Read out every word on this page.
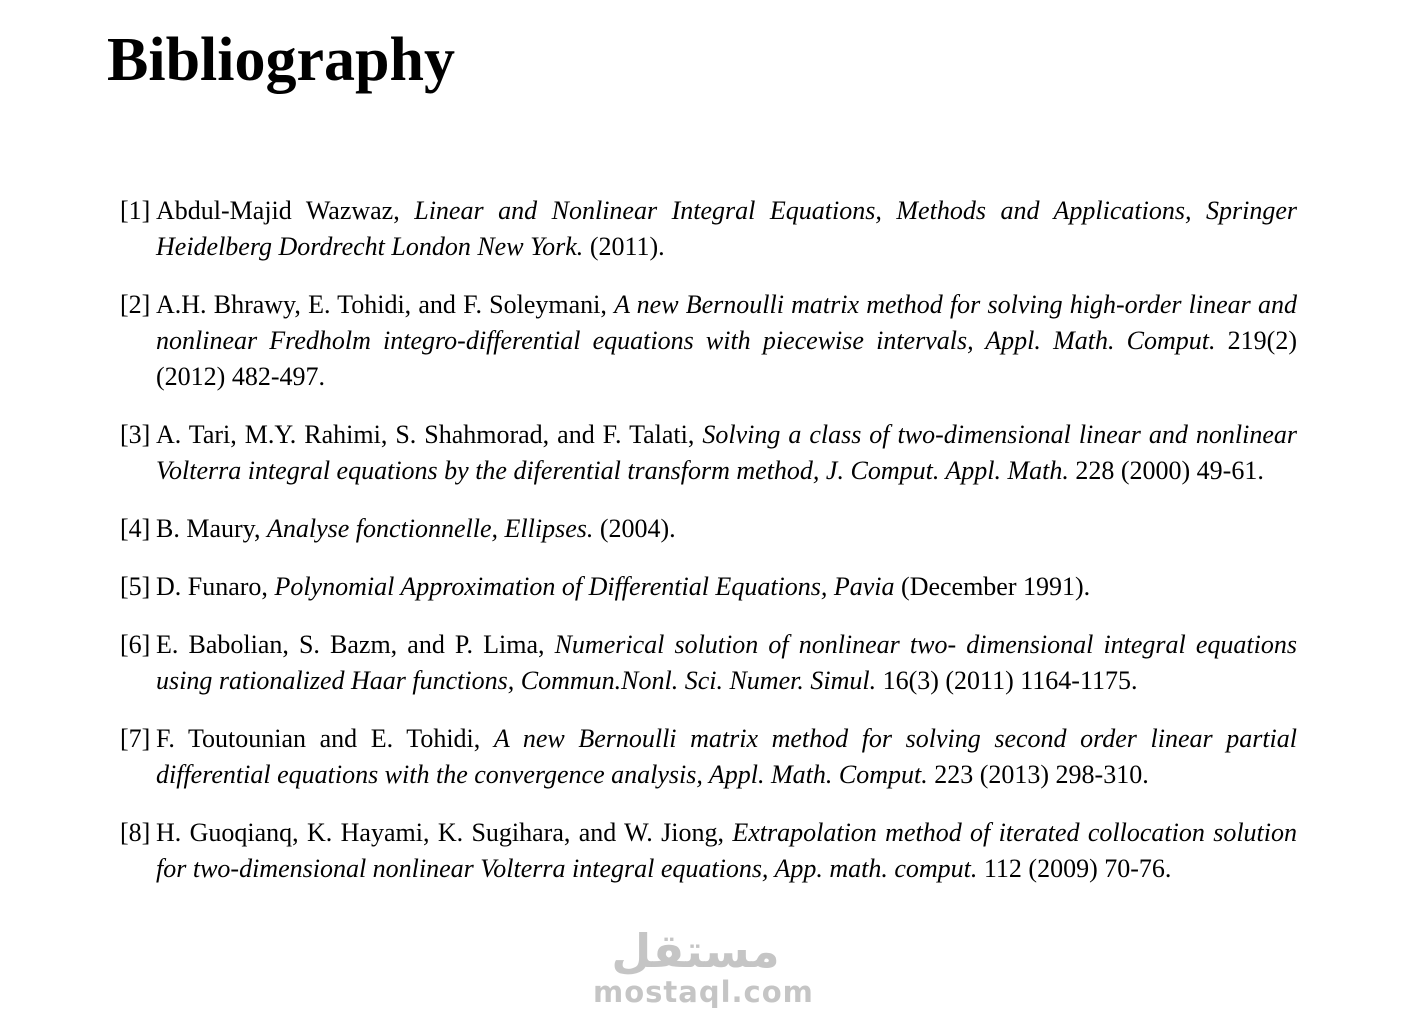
مستقل
mostaql.com
Bibliography
[1] Abdul-Majid Wazwaz, Linear and Nonlinear Integral Equations, Methods and Applications, Springer Heidelberg Dordrecht London New York. (2011).
[2] A.H. Bhrawy, E. Tohidi, and F. Soleymani, A new Bernoulli matrix method for solving high-order linear and nonlinear Fredholm integro-differential equations with piecewise intervals, Appl. Math. Comput. 219(2) (2012) 482-497.
[3] A. Tari, M.Y. Rahimi, S. Shahmorad, and F. Talati, Solving a class of two-dimensional linear and nonlinear Volterra integral equations by the diferential transform method, J. Comput. Appl. Math. 228 (2000) 49-61.
[4] B. Maury, Analyse fonctionnelle, Ellipses. (2004).
[5] D. Funaro, Polynomial Approximation of Differential Equations, Pavia (December 1991).
[6] E. Babolian, S. Bazm, and P. Lima, Numerical solution of nonlinear two- dimensional integral equations using rationalized Haar functions, Commun.Nonl. Sci. Numer. Simul. 16(3) (2011) 1164-1175.
[7] F. Toutounian and E. Tohidi, A new Bernoulli matrix method for solving second order linear partial differential equations with the convergence analysis, Appl. Math. Comput. 223 (2013) 298-310.
[8] H. Guoqianq, K. Hayami, K. Sugihara, and W. Jiong, Extrapolation method of iterated collocation solution for two-dimensional nonlinear Volterra integral equations, App. math. comput. 112 (2009) 70-76.
